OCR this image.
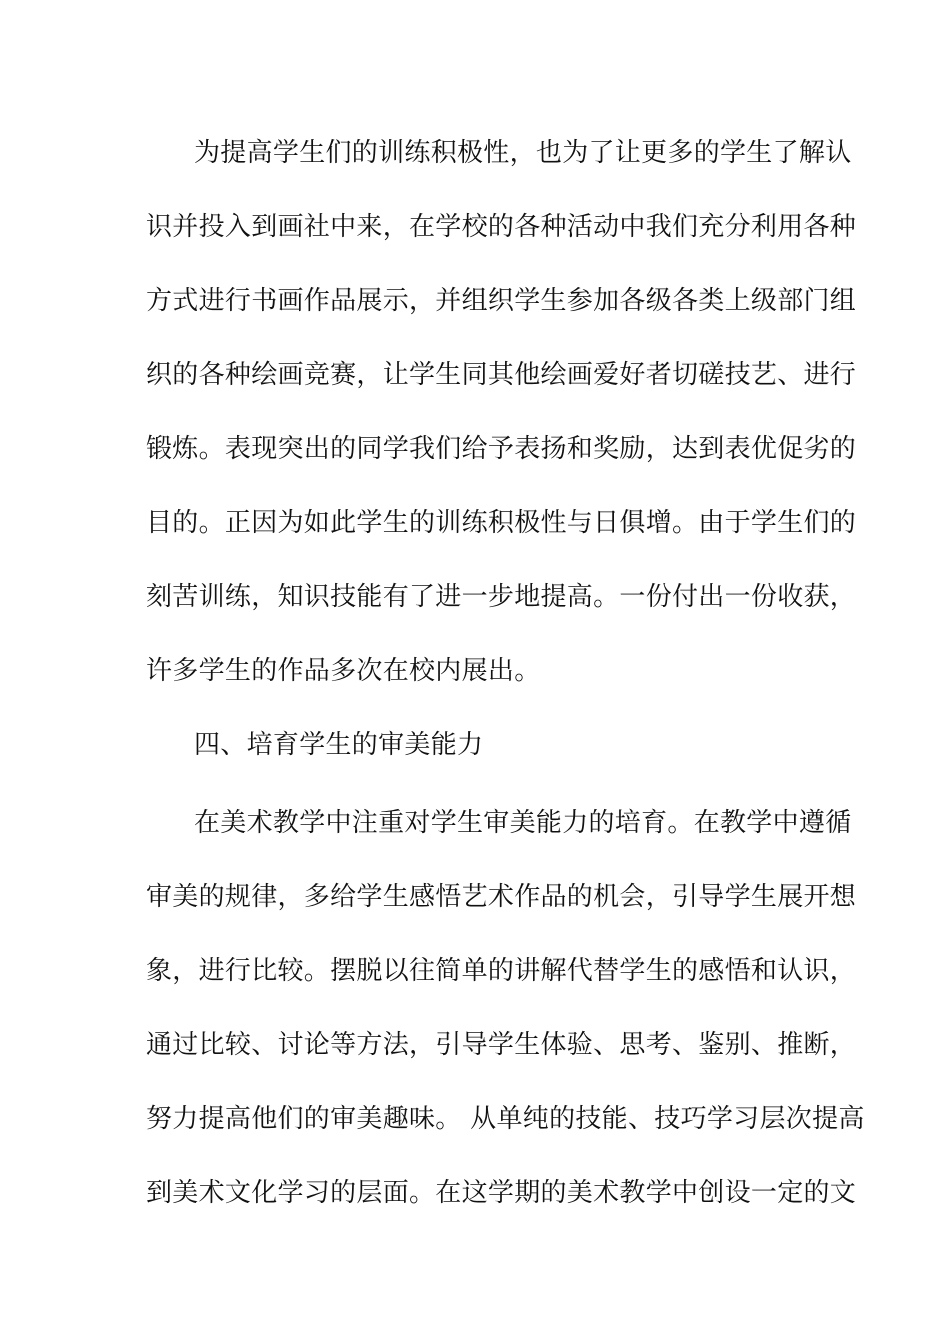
为提高学生们的训练积极性，也为了让更多的学生了解认
识并投入到画社中来，在学校的各种活动中我们充分利用各种
方式进行书画作品展示，并组织学生参加各级各类上级部门组
织的各种绘画竞赛，让学生同其他绘画爱好者切磋技艺、进行
锻炼。表现突出的同学我们给予表扬和奖励，达到表优促劣的
目的。正因为如此学生的训练积极性与日俱增。由于学生们的
刻苦训练，知识技能有了进一步地提高。一份付出一份收获，
许多学生的作品多次在校内展出。
四、培育学生的审美能力
在美术教学中注重对学生审美能力的培育。在教学中遵循
审美的规律，多给学生感悟艺术作品的机会，引导学生展开想
象，进行比较。摆脱以往简单的讲解代替学生的感悟和认识，
通过比较、讨论等方法，引导学生体验、思考、鉴别、推断，
努力提高他们的审美趣味。 从单纯的技能、技巧学习层次提高
到美术文化学习的层面。在这学期的美术教学中创设一定的文
